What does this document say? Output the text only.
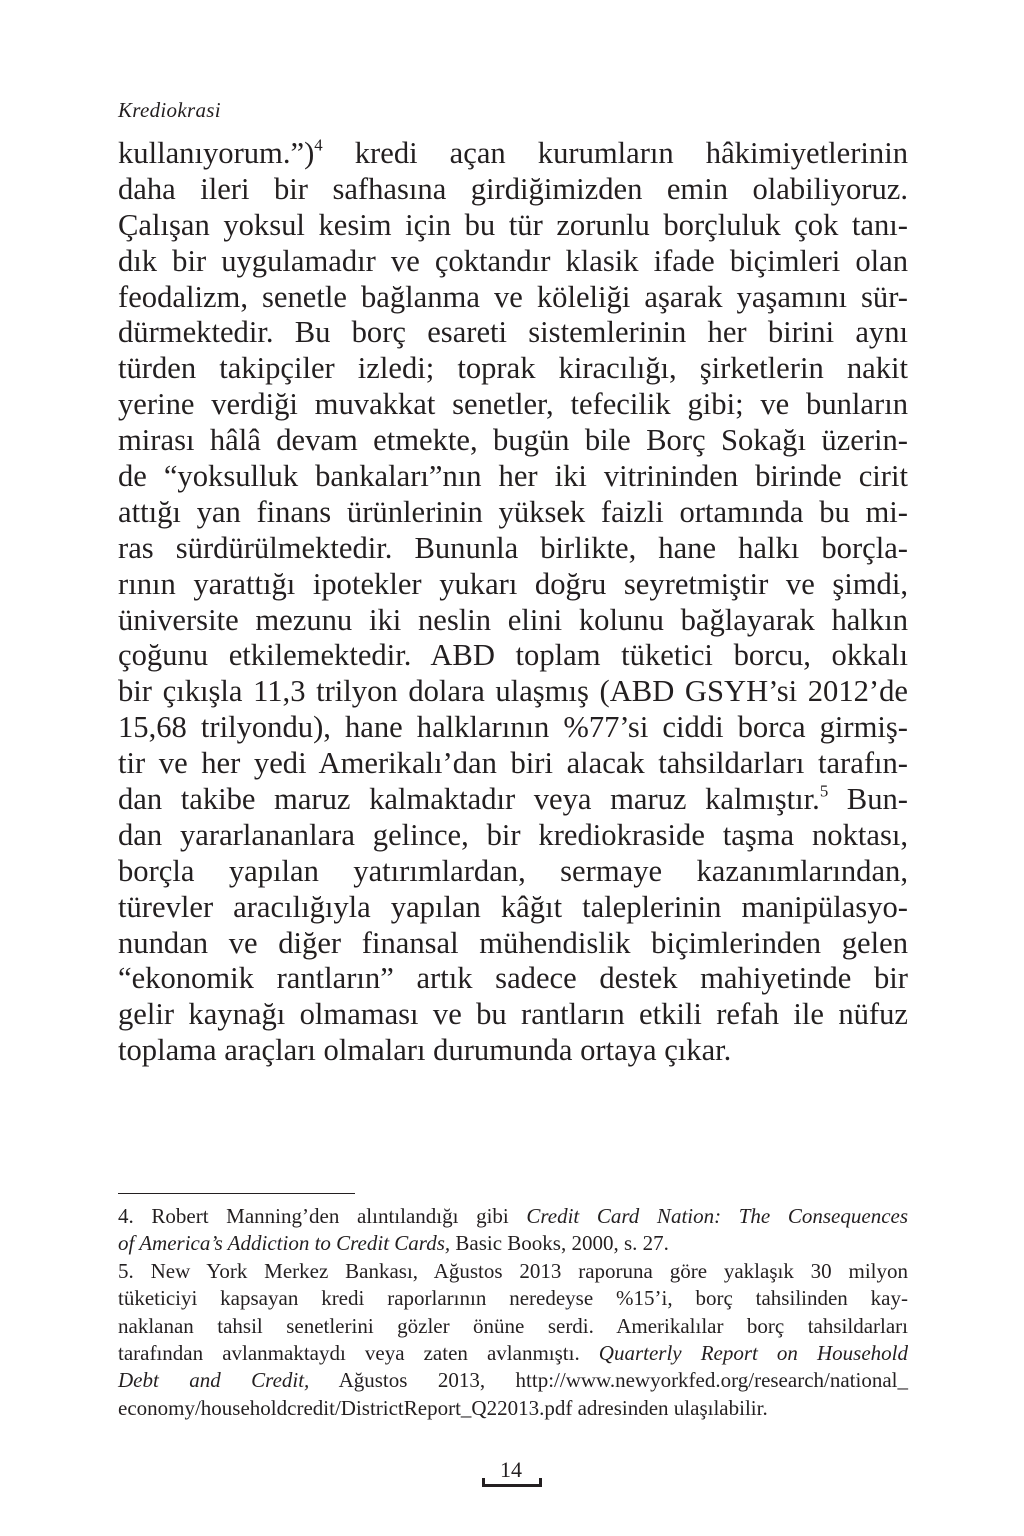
Krediokrasi
kullanıyorum.”)$^4$ kredi açan kurumların hâkimiyetlerinin
daha ileri bir safhasına girdiğimizden emin olabiliyoruz.
Çalışan yoksul kesim için bu tür zorunlu borçluluk çok tanı-
dık bir uygulamadır ve çoktandır klasik ifade biçimleri olan
feodalizm, senetle bağlanma ve köleliği aşarak yaşamını sür-
dürmektedir. Bu borç esareti sistemlerinin her birini aynı
türden takipçiler izledi; toprak kiracılığı, şirketlerin nakit
yerine verdiği muvakkat senetler, tefecilik gibi; ve bunların
mirası hâlâ devam etmekte, bugün bile Borç Sokağı üzerin-
de “yoksulluk bankaları”nın her iki vitrininden birinde cirit
attığı yan finans ürünlerinin yüksek faizli ortamında bu mi-
ras sürdürülmektedir. Bununla birlikte, hane halkı borçla-
rının yarattığı ipotekler yukarı doğru seyretmiştir ve şimdi,
üniversite mezunu iki neslin elini kolunu bağlayarak halkın
çoğunu etkilemektedir. ABD toplam tüketici borcu, okkalı
bir çıkışla 11,3 trilyon dolara ulaşmış (ABD GSYH’si 2012’de
15,68 trilyondu), hane halklarının %77’si ciddi borca girmiş-
tir ve her yedi Amerikalı’dan biri alacak tahsildarları tarafın-
dan takibe maruz kalmaktadır veya maruz kalmıştır.$^5$ Bun-
dan yararlananlara gelince, bir krediokraside taşma noktası,
borçla yapılan yatırımlardan, sermaye kazanımlarından,
türevler aracılığıyla yapılan kâğıt taleplerinin manipülasyo-
nundan ve diğer finansal mühendislik biçimlerinden gelen
“ekonomik rantların” artık sadece destek mahiyetinde bir
gelir kaynağı olmaması ve bu rantların etkili refah ile nüfuz
toplama araçları olmaları durumunda ortaya çıkar.
4. Robert Manning’den alıntılandığı gibi Credit Card Nation: The Consequences
of America’s Addiction to Credit Cards, Basic Books, 2000, s. 27.
5. New York Merkez Bankası, Ağustos 2013 raporuna göre yaklaşık 30 milyon
tüketiciyi kapsayan kredi raporlarının neredeyse %15’i, borç tahsilinden kay-
naklanan tahsil senetlerini gözler önüne serdi. Amerikalılar borç tahsildarları
tarafından avlanmaktaydı veya zaten avlanmıştı. Quarterly Report on Household
Debt and Credit, Ağustos 2013, http://www.newyorkfed.org/research/national_
economy/householdcredit/DistrictReport_Q22013.pdf adresinden ulaşılabilir.
14
